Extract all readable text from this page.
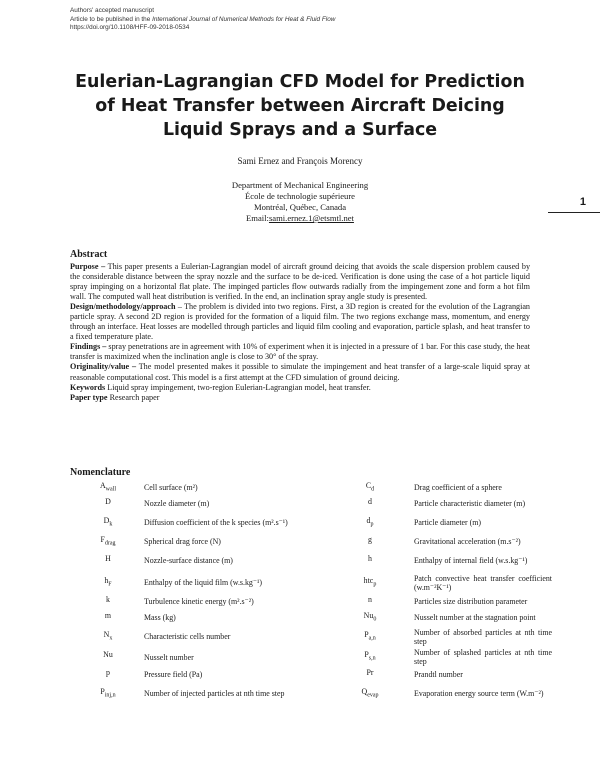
Authors' accepted manuscript
Article to be published in the International Journal of Numerical Methods for Heat & Fluid Flow
https://doi.org/10.1108/HFF-09-2018-0534
Eulerian-Lagrangian CFD Model for Prediction
of Heat Transfer between Aircraft Deicing
Liquid Sprays and a Surface
Sami Ernez and François Morency
Department of Mechanical Engineering
École de technologie supérieure
Montréal, Québec, Canada
Email:sami.ernez.1@etsmtl.net
1
Abstract

Purpose – This paper presents a Eulerian-Lagrangian model of aircraft ground deicing that avoids the scale dispersion problem caused by the considerable distance between the spray nozzle and the surface to be de-iced. Verification is done using the case of a hot particle liquid spray impinging on a horizontal flat plate. The impinged particles flow outwards radially from the impingement zone and form a hot film wall. The computed wall heat distribution is verified. In the end, an inclination spray angle study is presented.

Design/methodology/approach – The problem is divided into two regions. First, a 3D region is created for the evolution of the Lagrangian particle spray. A second 2D region is provided for the formation of a liquid film. The two regions exchange mass, momentum, and energy through an interface. Heat losses are modelled through particles and liquid film cooling and evaporation, particle splash, and heat transfer to a fixed temperature plate.

Findings – spray penetrations are in agreement with 10% of experiment when it is injected in a pressure of 1 bar. For this case study, the heat transfer is maximized when the inclination angle is close to 30° of the spray.

Originality/value – The model presented makes it possible to simulate the impingement and heat transfer of a large-scale liquid spray at reasonable computational cost. This model is a first attempt at the CFD simulation of ground deicing.

Keywords Liquid spray impingement, two-region Eulerian-Lagrangian model, heat transfer.

Paper type Research paper

Nomenclature
$A_{wall}$	Cell surface (m²)	$C_d$	Drag coefficient of a sphere
D	Nozzle diameter (m)	d	Particle characteristic diameter (m)
$D_k$	Diffusion coefficient of the k species (m².s⁻¹)	$d_p$	Particle diameter (m)
$F_{drag}$	Spherical drag force (N)	g	Gravitational acceleration (m.s⁻²)
H	Nozzle-surface distance (m)	h	Enthalpy of internal field (w.s.kg⁻¹)
$h_F$	Enthalpy of the liquid film (w.s.kg⁻¹)	htc$_p$	Patch convective heat transfer coefficient (w.m⁻²K⁻¹)
k	Turbulence kinetic energy (m².s⁻²)	n	Particles size distribution parameter
m	Mass (kg)	$Nu_0$	Nusselt number at the stagnation point
$N_x$	Characteristic cells number	$P_{a,n}$	Number of absorbed particles at nth time step
Nu	Nusselt number	$P_{s,n}$	Number of splashed particles at nth time step
p	Pressure field (Pa)	Pr	Prandtl number
$P_{inj,n}$	Number of injected particles at nth time step	$Q_{evap}$	Evaporation energy source term (W.m⁻²)
